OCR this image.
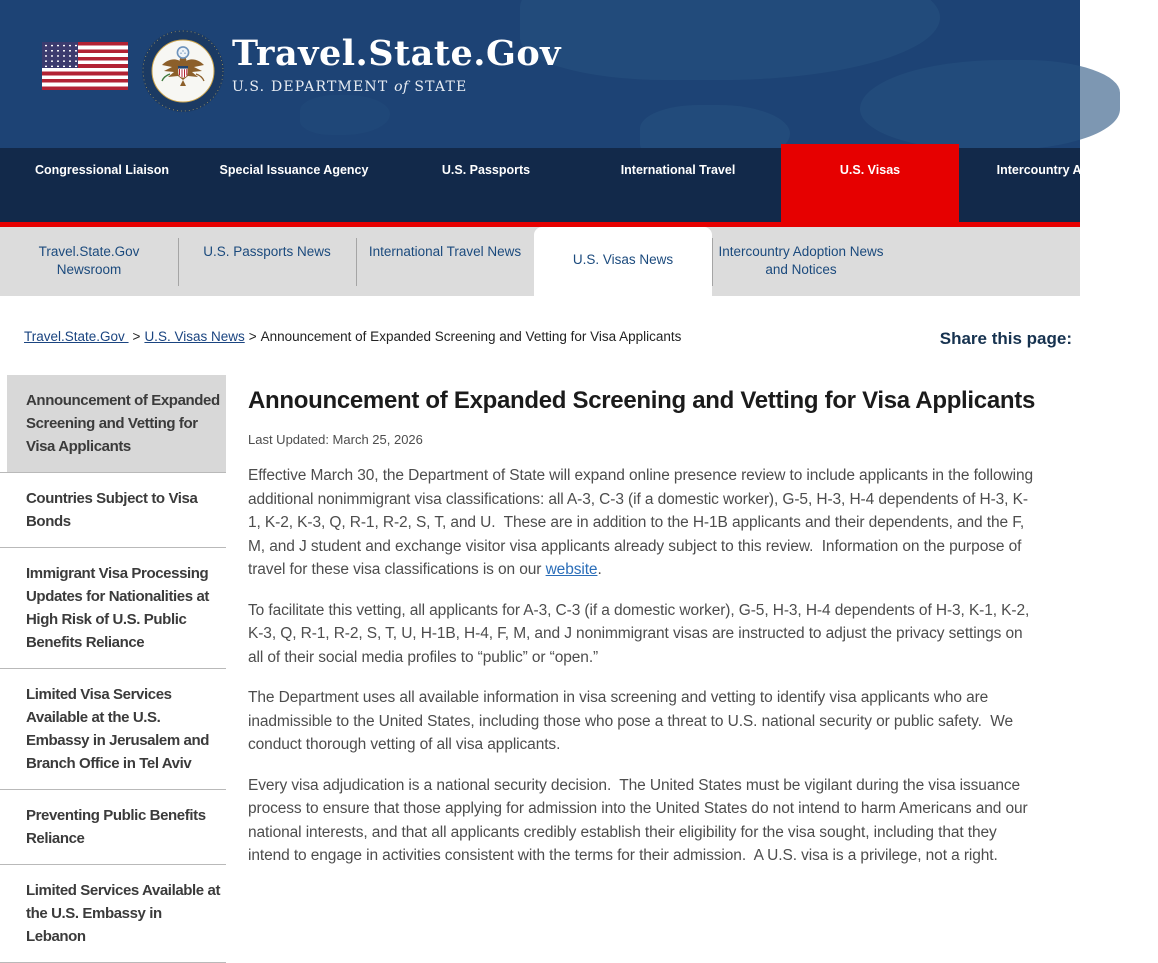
Travel.State.Gov
U.S. DEPARTMENT of STATE
Congressional Liaison	Special Issuance Agency	U.S. Passports	International Travel	U.S. Visas	Intercountry Adoption
Travel.State.Gov Newsroom
U.S. Passports News	International Travel News
U.S. Visas News
Intercountry Adoption News and Notices
Travel.State.Gov > U.S. Visas News > Announcement of Expanded Screening and Vetting for Visa Applicants	Share this page:
Announcement of Expanded Screening and Vetting for Visa Applicants
Countries Subject to Visa Bonds
Immigrant Visa Processing Updates for Nationalities at High Risk of U.S. Public Benefits Reliance
Limited Visa Services Available at the U.S. Embassy in Jerusalem and Branch Office in Tel Aviv
Preventing Public Benefits Reliance
Limited Services Available at the U.S. Embassy in Lebanon
Announcement of Expanded Screening and Vetting for Visa Applicants
Last Updated: March 25, 2026

Effective March 30, the Department of State will expand online presence review to include applicants in the following additional nonimmigrant visa classifications: all A-3, C-3 (if a domestic worker), G-5, H-3, H-4 dependents of H-3, K-1, K-2, K-3, Q, R-1, R-2, S, T, and U.  These are in addition to the H-1B applicants and their dependents, and the F, M, and J student and exchange visitor visa applicants already subject to this review.  Information on the purpose of travel for these visa classifications is on our website.

To facilitate this vetting, all applicants for A-3, C-3 (if a domestic worker), G-5, H-3, H-4 dependents of H-3, K-1, K-2, K-3, Q, R-1, R-2, S, T, U, H-1B, H-4, F, M, and J nonimmigrant visas are instructed to adjust the privacy settings on all of their social media profiles to “public” or “open.”

The Department uses all available information in visa screening and vetting to identify visa applicants who are inadmissible to the United States, including those who pose a threat to U.S. national security or public safety.  We conduct thorough vetting of all visa applicants.

Every visa adjudication is a national security decision.  The United States must be vigilant during the visa issuance process to ensure that those applying for admission into the United States do not intend to harm Americans and our national interests, and that all applicants credibly establish their eligibility for the visa sought, including that they intend to engage in activities consistent with the terms for their admission.  A U.S. visa is a privilege, not a right.
